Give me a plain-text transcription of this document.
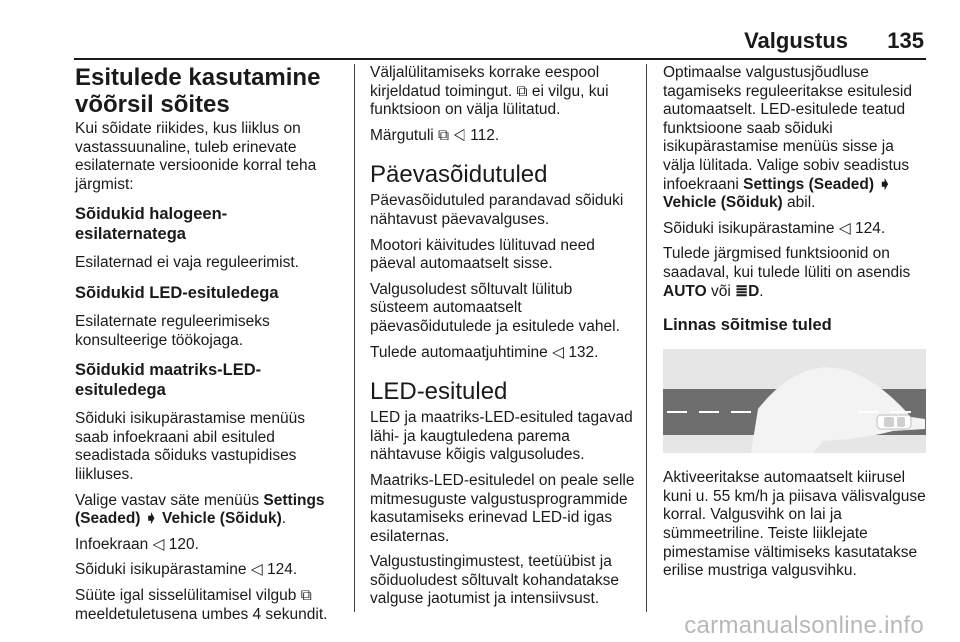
Valgustus 135
Esitulede kasutamine võõrsil sõites

Kui sõidate riikides, kus liiklus on vastassuunaline, tuleb erinevate esilaternate versioonide korral teha järgmist:

Sõidukid halogeen-esilaternatega

Esilaternad ei vaja reguleerimist.

Sõidukid LED-esituledega

Esilaternate reguleerimiseks konsulteerige töökojaga.

Sõidukid maatriks-LED-esituledega

Sõiduki isikupärastamise menüüs saab infoekraani abil esituled seadistada sõiduks vastupidises liikluses.

Valige vastav säte menüüs Settings (Seaded) ➧ Vehicle (Sõiduk).

Infoekraan ◁ 120.

Sõiduki isikupärastamine ◁ 124.

Süüte igal sisselülitamisel vilgub ⧉ meeldetuletusena umbes 4 sekundit.

Väljalülitamiseks korrake eespool kirjeldatud toimingut. ⧉ ei vilgu, kui funktsioon on välja lülitatud.

Märgutuli ⧉ ◁ 112.

Päevasõidutuled

Päevasõidutuled parandavad sõiduki nähtavust päevavalguses.

Mootori käivitudes lülituvad need päeval automaatselt sisse.

Valgusoludest sõltuvalt lülitub süsteem automaatselt päevasõidutulede ja esitulede vahel.

Tulede automaatjuhtimine ◁ 132.

LED-esituled

LED ja maatriks-LED-esituled tagavad lähi- ja kaugtuledena parema nähtavuse kõigis valgusoludes.

Maatriks-LED-esituledel on peale selle mitmesuguste valgustusprogrammide kasutamiseks erinevad LED-id igas esilaternas.

Valgustustingimustest, teetüübist ja sõiduoludest sõltuvalt kohandatakse valguse jaotumist ja intensiivsust.

Optimaalse valgustusjõudluse tagamiseks reguleeritakse esitulesid automaatselt. LED-esitulede teatud funktsioone saab sõiduki isikupärastamise menüüs sisse ja välja lülitada. Valige sobiv seadistus infoekraani Settings (Seaded) ➧ Vehicle (Sõiduk) abil.

Sõiduki isikupärastamine ◁ 124.

Tulede järgmised funktsioonid on saadaval, kui tulede lüliti on asendis AUTO või ≣D.

Linnas sõitmise tuled

Aktiveeritakse automaatselt kiirusel kuni u. 55 km/h ja piisava välisvalguse korral. Valgusvihk on lai ja sümmeetriline. Teiste liiklejate pimestamise vältimiseks kasutatakse erilise mustriga valgusvihku.

carmanualsonline.info
